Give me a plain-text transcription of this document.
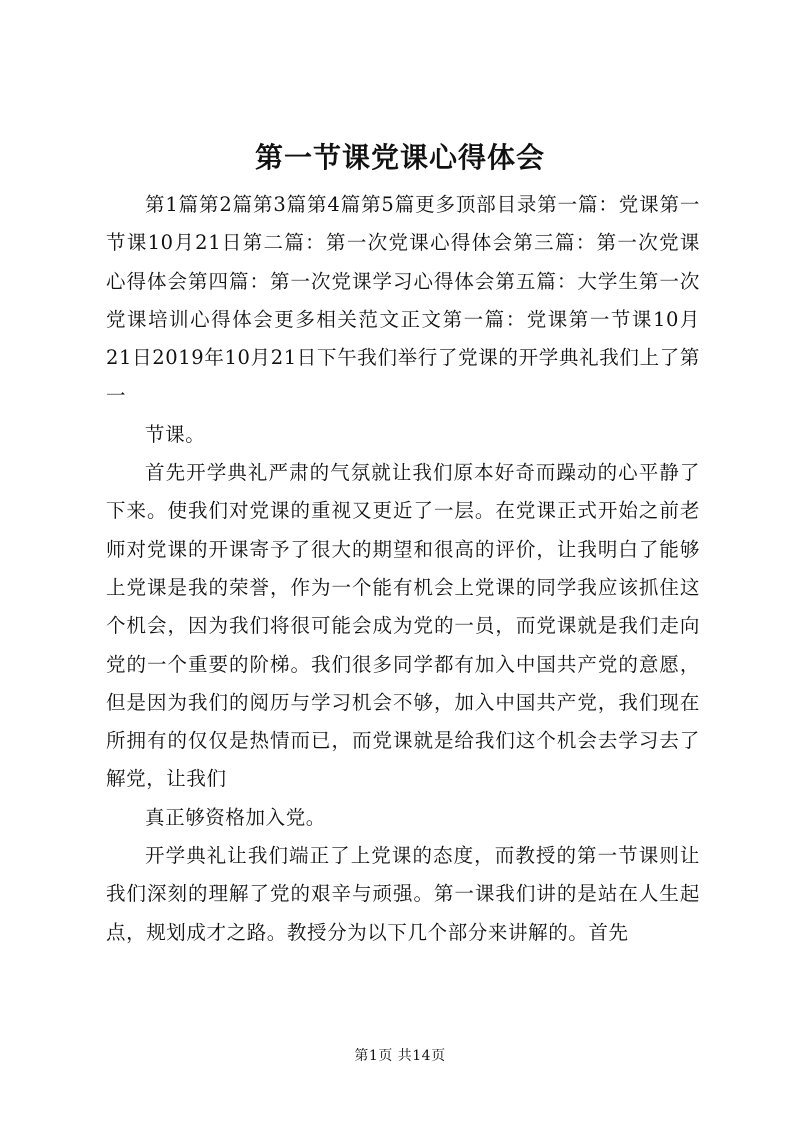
第一节课党课心得体会

第1篇第2篇第3篇第4篇第5篇更多顶部目录第一篇：党课第一节课10月21日第二篇：第一次党课心得体会第三篇：第一次党课心得体会第四篇：第一次党课学习心得体会第五篇：大学生第一次党课培训心得体会更多相关范文正文第一篇：党课第一节课10月21日2019年10月21日下午我们举行了党课的开学典礼我们上了第一

节课。

首先开学典礼严肃的气氛就让我们原本好奇而躁动的心平静了下来。使我们对党课的重视又更近了一层。在党课正式开始之前老师对党课的开课寄予了很大的期望和很高的评价，让我明白了能够上党课是我的荣誉，作为一个能有机会上党课的同学我应该抓住这个机会，因为我们将很可能会成为党的一员，而党课就是我们走向党的一个重要的阶梯。我们很多同学都有加入中国共产党的意愿，但是因为我们的阅历与学习机会不够，加入中国共产党，我们现在所拥有的仅仅是热情而已，而党课就是给我们这个机会去学习去了解党，让我们

真正够资格加入党。

开学典礼让我们端正了上党课的态度，而教授的第一节课则让我们深刻的理解了党的艰辛与顽强。第一课我们讲的是站在人生起点，规划成才之路。教授分为以下几个部分来讲解的。首先

第1页 共14页
